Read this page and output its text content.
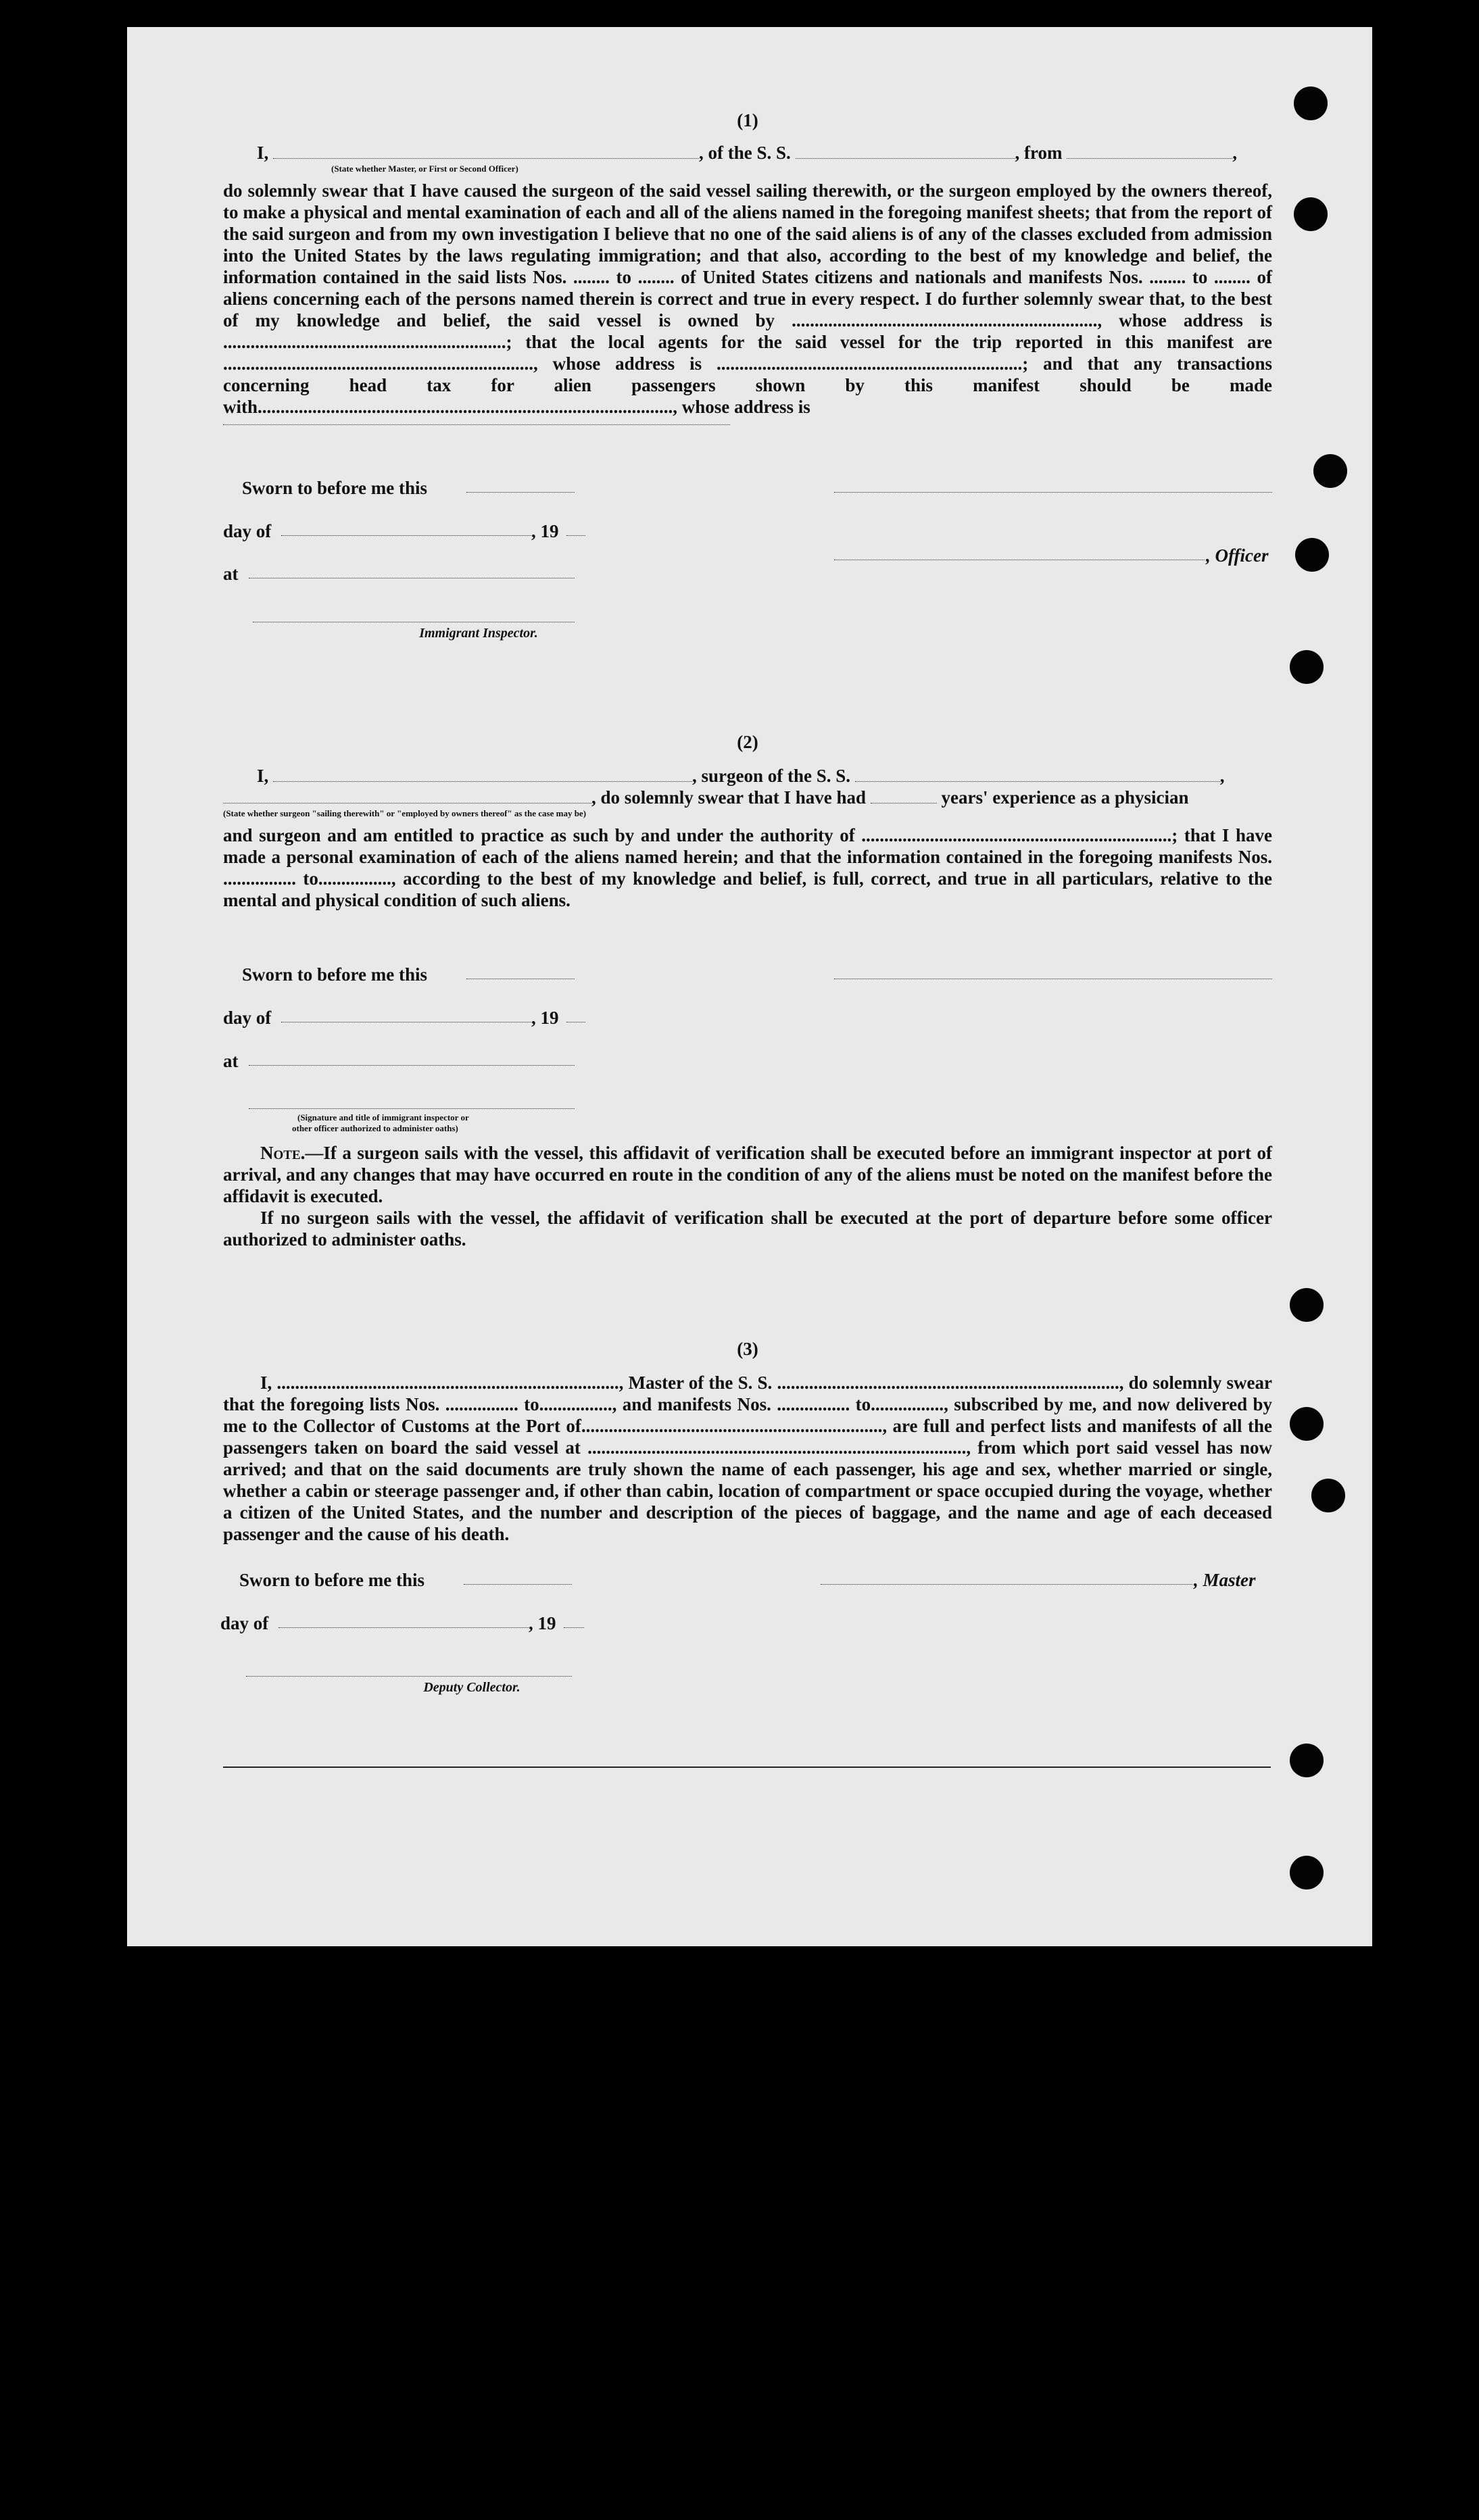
(1)
I,	, of the S. S.	, from	,
(State whether Master, or First or Second Officer)
do solemnly swear that I have caused the surgeon of the said vessel sailing therewith, or the surgeon employed by the owners thereof, to make a physical and mental examination of each and all of the aliens named in the foregoing manifest sheets; that from the report of the said surgeon and from my own investigation I believe that no one of the said aliens is of any of the classes excluded from admission into the United States by the laws regulating immigration; and that also, according to the best of my knowledge and belief, the information contained in the said lists Nos. ........ to ........ of United States citizens and nationals and manifests Nos. ........ to ........ of aliens concerning each of the persons named therein is correct and true in every respect. I do further solemnly swear that, to the best of my knowledge and belief, the said vessel is owned by ..................................................................., whose address is ..............................................................; that the local agents for the said vessel for the trip reported in this manifest are ...................................................................., whose address is ...................................................................; and that any transactions concerning head tax for alien passengers shown by this manifest should be made with..........................................................................................., whose address is
Sworn to before me this
day of	, 19
, Officer
at
Immigrant Inspector.
(2)
I,	, surgeon of the S. S.	,
, do solemnly swear that I have had	years' experience as a physician
(State whether surgeon "sailing therewith" or "employed by owners thereof" as the case may be)
and surgeon and am entitled to practice as such by and under the authority of ....................................................................; that I have made a personal examination of each of the aliens named herein; and that the information contained in the foregoing manifests Nos. ................ to................, according to the best of my knowledge and belief, is full, correct, and true in all particulars, relative to the mental and physical condition of such aliens.
Sworn to before me this
day of	, 19
at
(Signature and title of immigrant inspector or
other officer authorized to administer oaths)
Note.—If a surgeon sails with the vessel, this affidavit of verification shall be executed before an immigrant inspector at port of arrival, and any changes that may have occurred en route in the condition of any of the aliens must be noted on the manifest before the affidavit is executed.
If no surgeon sails with the vessel, the affidavit of verification shall be executed at the port of departure before some officer authorized to administer oaths.
(3)
I, ..........................................................................., Master of the S. S. ..........................................................................., do solemnly swear that the foregoing lists Nos. ................ to................, and manifests Nos. ................ to................, subscribed by me, and now delivered by me to the Collector of Customs at the Port of.................................................................., are full and perfect lists and manifests of all the passengers taken on board the said vessel at ..................................................................................., from which port said vessel has now arrived; and that on the said documents are truly shown the name of each passenger, his age and sex, whether married or single, whether a cabin or steerage passenger and, if other than cabin, location of compartment or space occupied during the voyage, whether a citizen of the United States, and the number and description of the pieces of baggage, and the name and age of each deceased passenger and the cause of his death.
Sworn to before me this	, Master
day of	, 19
Deputy Collector.
